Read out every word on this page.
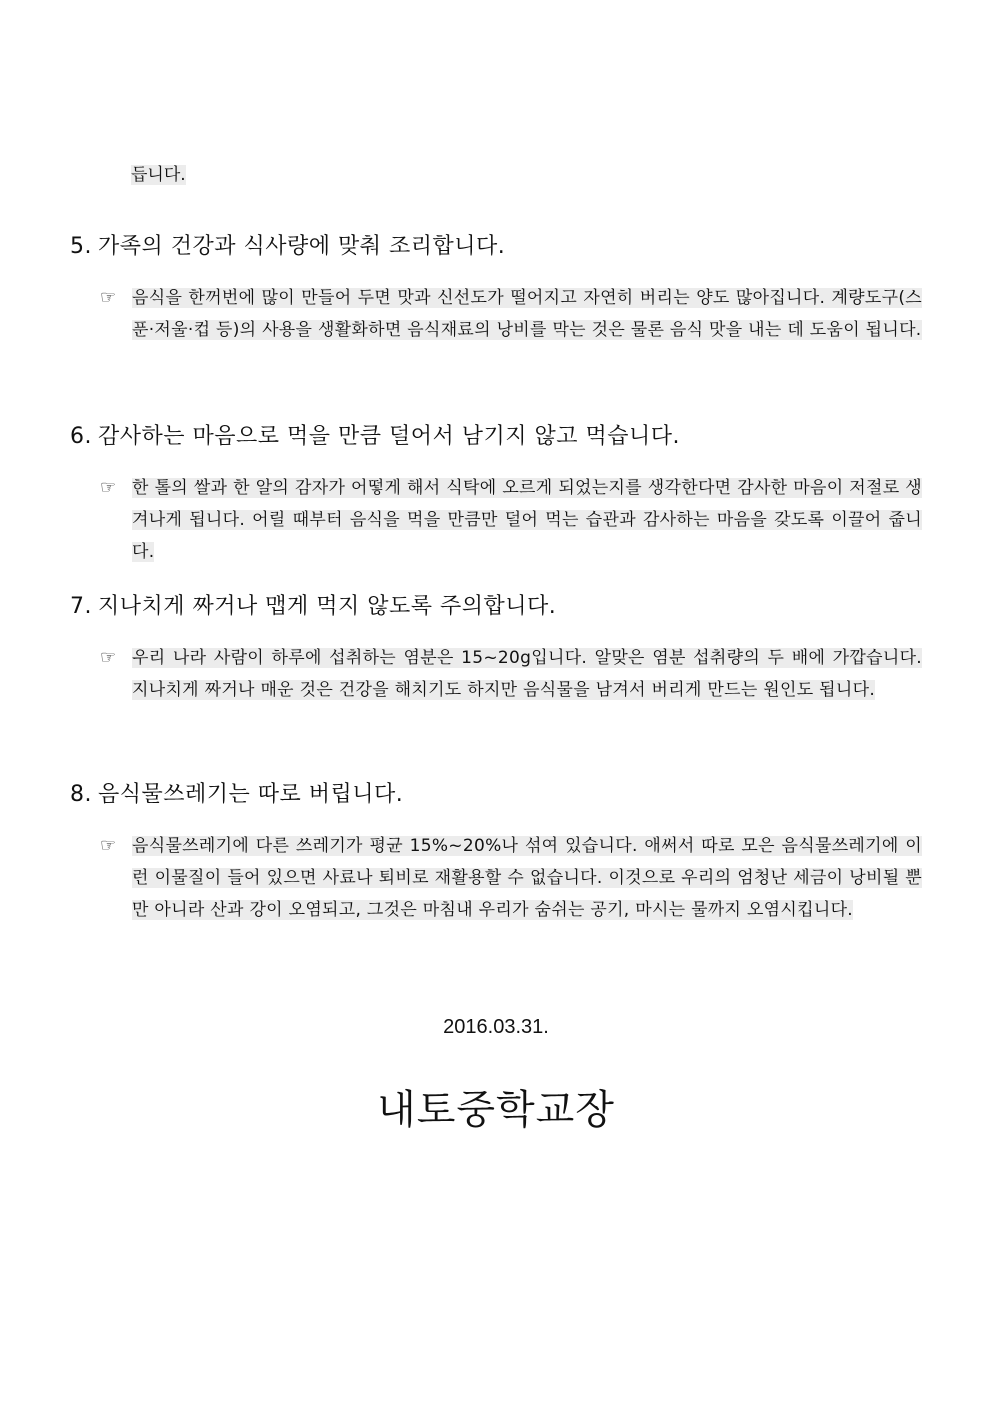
듭니다.
5. 가족의 건강과 식사량에 맞춰 조리합니다.
☞ 음식을 한꺼번에 많이 만들어 두면 맛과 신선도가 떨어지고 자연히 버리는 양도 많아집니다. 계량도구(스푼·저울·컵 등)의 사용을 생활화하면 음식재료의 낭비를 막는 것은 물론 음식 맛을 내는 데 도움이 됩니다.
6. 감사하는 마음으로 먹을 만큼 덜어서 남기지 않고 먹습니다.
☞ 한 톨의 쌀과 한 알의 감자가 어떻게 해서 식탁에 오르게 되었는지를 생각한다면 감사한 마음이 저절로 생겨나게 됩니다. 어릴 때부터 음식을 먹을 만큼만 덜어 먹는 습관과 감사하는 마음을 갖도록 이끌어 줍니다.
7. 지나치게 짜거나 맵게 먹지 않도록 주의합니다.
☞ 우리 나라 사람이 하루에 섭취하는 염분은 15~20g입니다. 알맞은 염분 섭취량의 두 배에 가깝습니다. 지나치게 짜거나 매운 것은 건강을 해치기도 하지만 음식물을 남겨서 버리게 만드는 원인도 됩니다.
8. 음식물쓰레기는 따로 버립니다.
☞ 음식물쓰레기에 다른 쓰레기가 평균 15%~20%나 섞여 있습니다. 애써서 따로 모은 음식물쓰레기에 이런 이물질이 들어 있으면 사료나 퇴비로 재활용할 수 없습니다. 이것으로 우리의 엄청난 세금이 낭비될 뿐만 아니라 산과 강이 오염되고, 그것은 마침내 우리가 숨쉬는 공기, 마시는 물까지 오염시킵니다.
2016.03.31.
내토중학교장
